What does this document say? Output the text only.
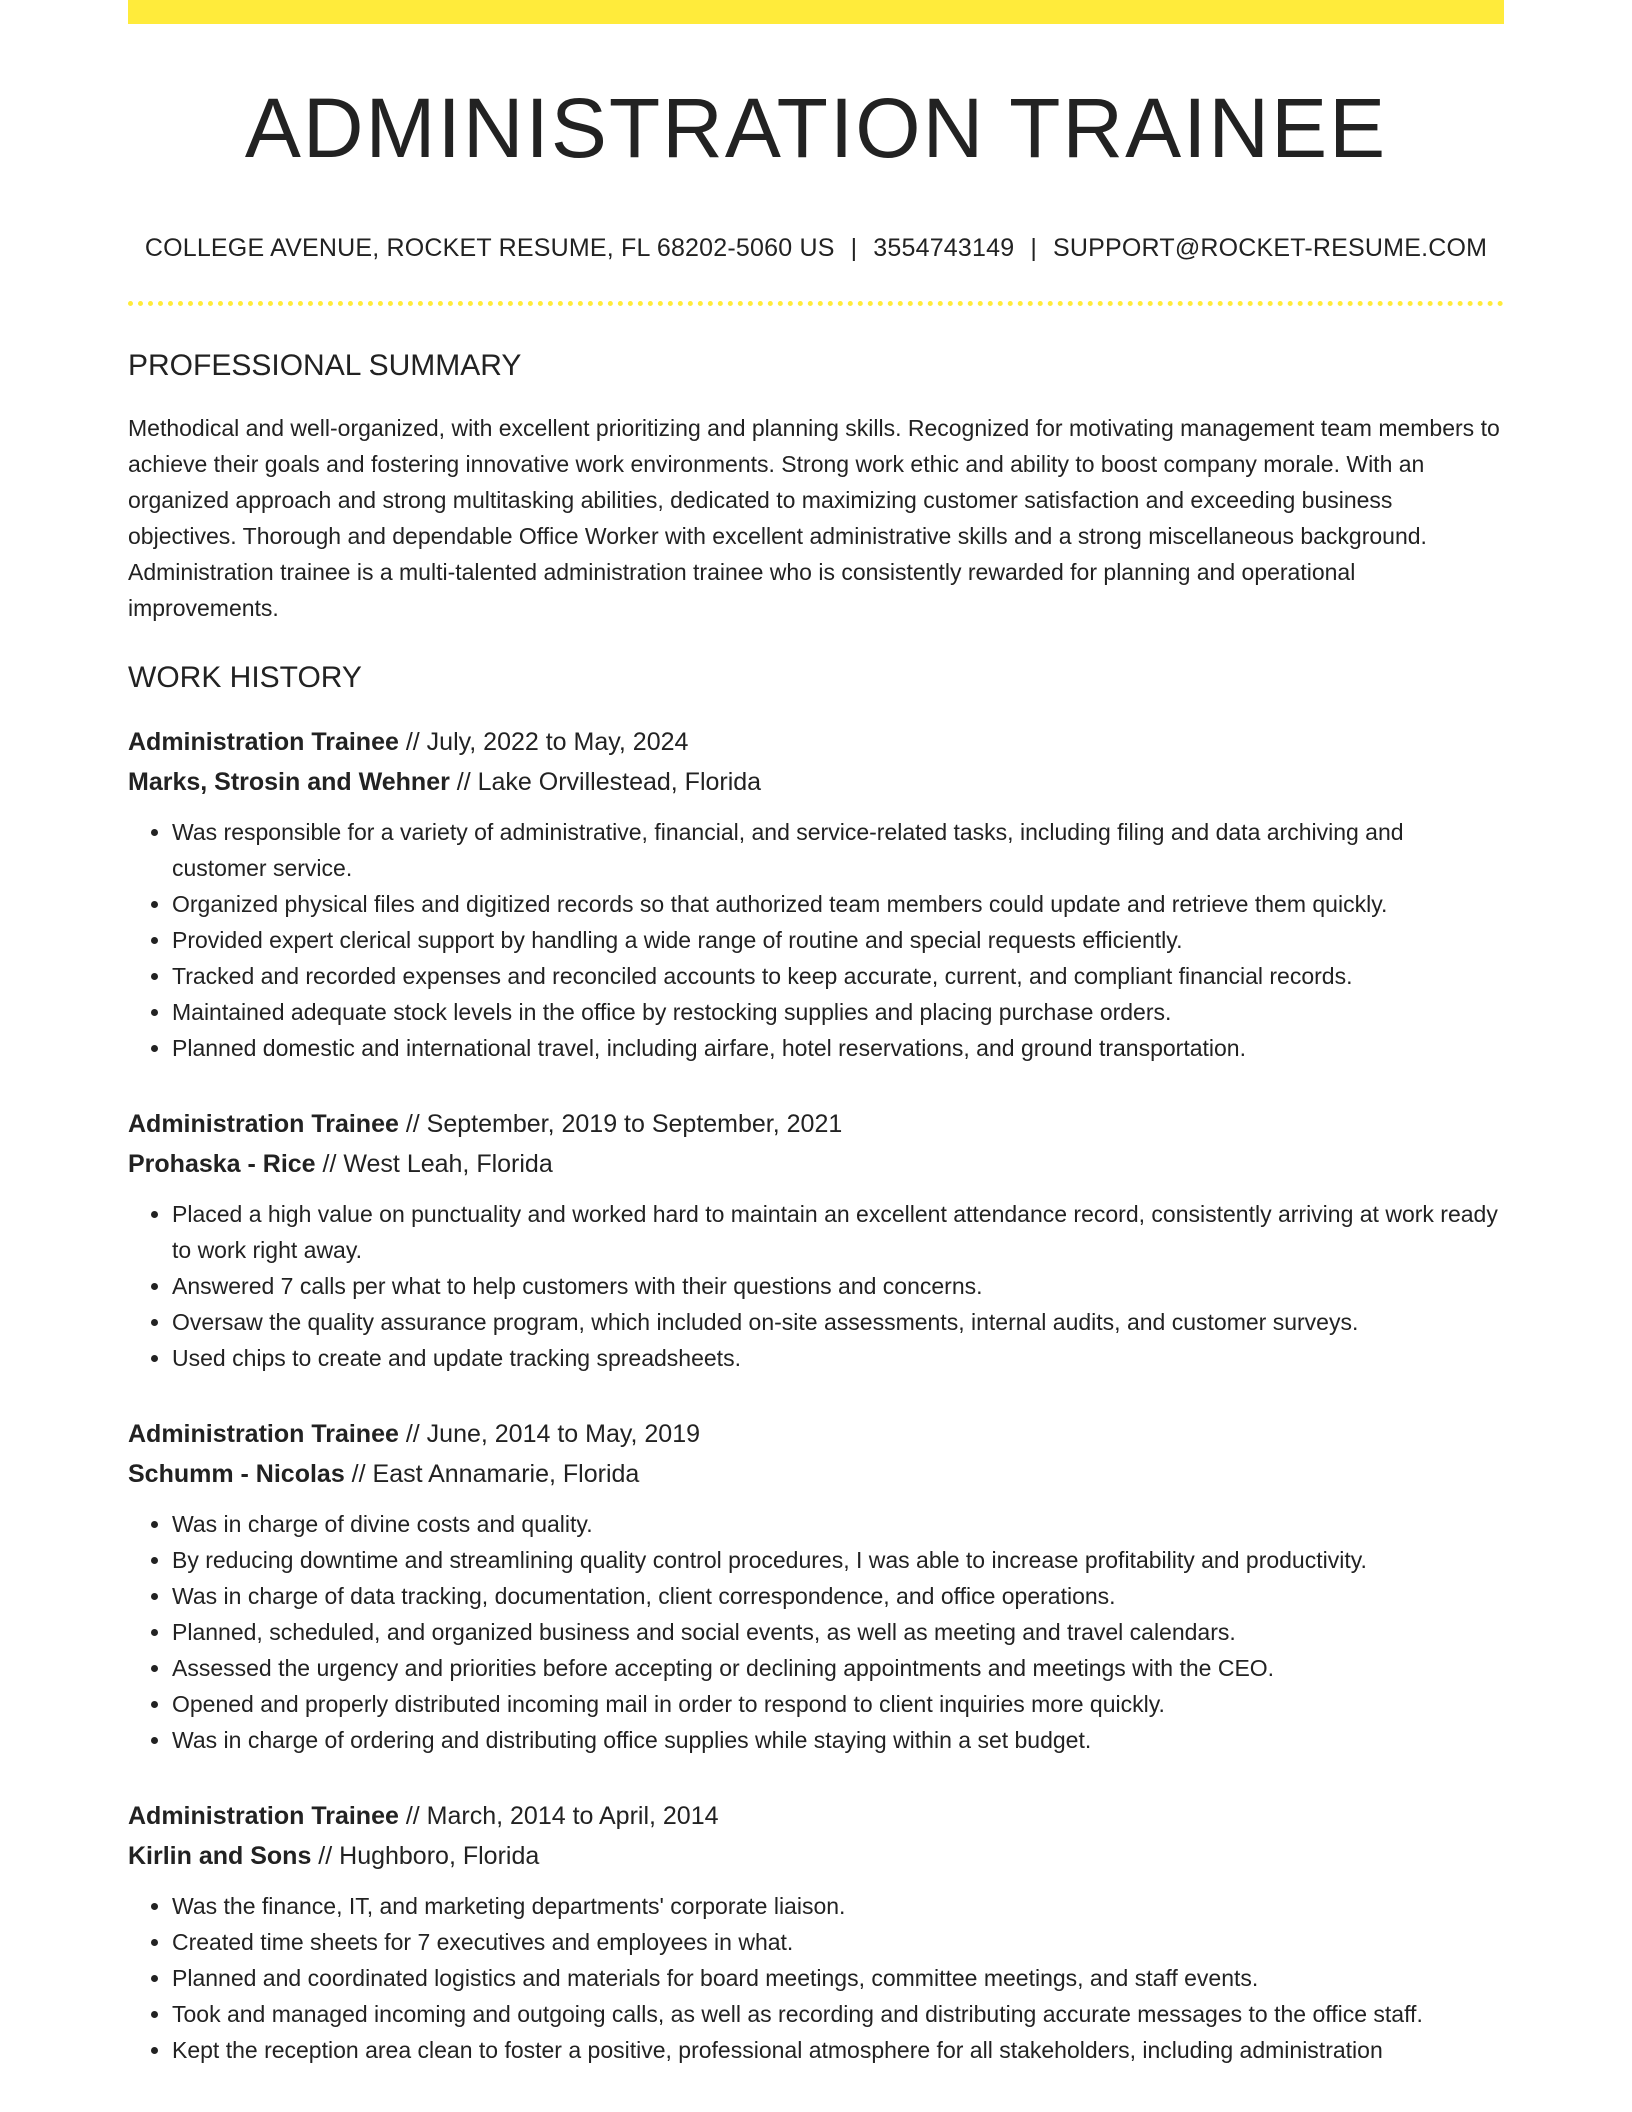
ADMINISTRATION TRAINEE
COLLEGE AVENUE, ROCKET RESUME, FL 68202-5060 US | 3554743149 | SUPPORT@ROCKET-RESUME.COM
PROFESSIONAL SUMMARY
Methodical and well-organized, with excellent prioritizing and planning skills. Recognized for motivating management team members to achieve their goals and fostering innovative work environments. Strong work ethic and ability to boost company morale. With an organized approach and strong multitasking abilities, dedicated to maximizing customer satisfaction and exceeding business objectives. Thorough and dependable Office Worker with excellent administrative skills and a strong miscellaneous background. Administration trainee is a multi-talented administration trainee who is consistently rewarded for planning and operational improvements.
WORK HISTORY
Administration Trainee // July, 2022 to May, 2024
Marks, Strosin and Wehner // Lake Orvillestead, Florida
• Was responsible for a variety of administrative, financial, and service-related tasks, including filing and data archiving and customer service.
• Organized physical files and digitized records so that authorized team members could update and retrieve them quickly.
• Provided expert clerical support by handling a wide range of routine and special requests efficiently.
• Tracked and recorded expenses and reconciled accounts to keep accurate, current, and compliant financial records.
• Maintained adequate stock levels in the office by restocking supplies and placing purchase orders.
• Planned domestic and international travel, including airfare, hotel reservations, and ground transportation.
Administration Trainee // September, 2019 to September, 2021
Prohaska - Rice // West Leah, Florida
• Placed a high value on punctuality and worked hard to maintain an excellent attendance record, consistently arriving at work ready to work right away.
• Answered 7 calls per what to help customers with their questions and concerns.
• Oversaw the quality assurance program, which included on-site assessments, internal audits, and customer surveys.
• Used chips to create and update tracking spreadsheets.
Administration Trainee // June, 2014 to May, 2019
Schumm - Nicolas // East Annamarie, Florida
• Was in charge of divine costs and quality.
• By reducing downtime and streamlining quality control procedures, I was able to increase profitability and productivity.
• Was in charge of data tracking, documentation, client correspondence, and office operations.
• Planned, scheduled, and organized business and social events, as well as meeting and travel calendars.
• Assessed the urgency and priorities before accepting or declining appointments and meetings with the CEO.
• Opened and properly distributed incoming mail in order to respond to client inquiries more quickly.
• Was in charge of ordering and distributing office supplies while staying within a set budget.
Administration Trainee // March, 2014 to April, 2014
Kirlin and Sons // Hughboro, Florida
• Was the finance, IT, and marketing departments' corporate liaison.
• Created time sheets for 7 executives and employees in what.
• Planned and coordinated logistics and materials for board meetings, committee meetings, and staff events.
• Took and managed incoming and outgoing calls, as well as recording and distributing accurate messages to the office staff.
• Kept the reception area clean to foster a positive, professional atmosphere for all stakeholders, including administration
